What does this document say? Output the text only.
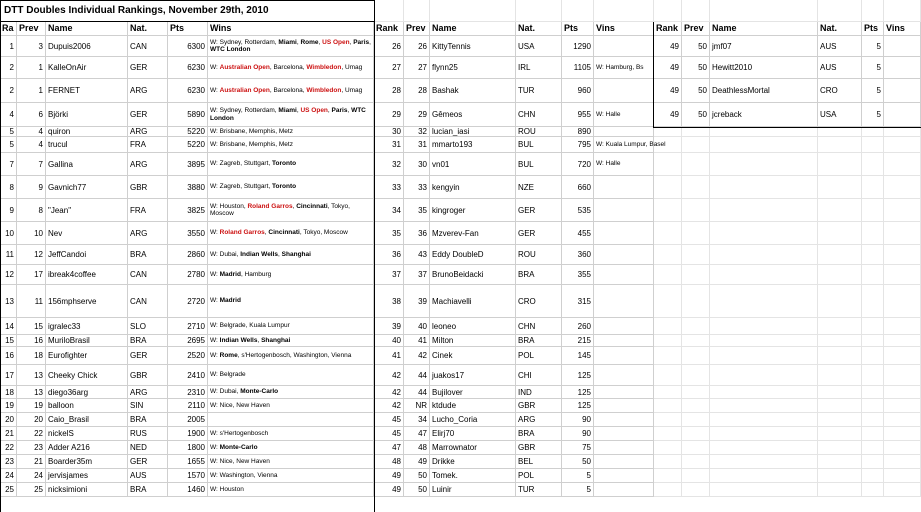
DTT Doubles Individual Rankings, November 29th, 2010
Ra Prev	Name	Nat.	Pts	Wins	Rank Prev Name	Nat.	Pts	Vins	Rank Prev Name	Nat.	Pts Vins
1	3 Dupuis2006	CAN	6300 W: Sydney, Rotterdam, Miami, Rome, US Open, Paris, WTC London
2	1 KalleOnAir	GER	6230 W: Australian Open, Barcelona, Wimbledon, Umag
2	1 FERNET	ARG	6230 W: Australian Open, Barcelona, Wimbledon, Umag
4	6 Björki	GER	5890 W: Sydney, Rotterdam, Miami, US Open, Paris, WTC London
5	4 quiron	ARG	5220 W: Brisbane, Memphis, Metz
5	4 trucul	FRA	5220 W: Brisbane, Memphis, Metz
7	7 Gallina	ARG	3895 W: Zagreb, Stuttgart, Toronto
8	9 Gavnich77	GBR	3880 W: Zagreb, Stuttgart, Toronto
9	8 "Jean"	FRA	3825 W: Houston, Roland Garros, Cincinnati, Tokyo, Moscow
10	10 Nev	ARG	3550 W: Roland Garros, Cincinnati, Tokyo, Moscow
11	12 JeffCandoi	BRA	2860 W: Dubai, Indian Wells, Shanghai
12	17 ibreak4coffee	CAN	2780 W: Madrid, Hamburg
13	11 156mphserve	CAN	2720 W: Madrid
14	15 igralec33	SLO	2710 W: Belgrade, Kuala Lumpur
15	16 MuriloBrasil	BRA	2695 W: Indian Wells, Shanghai
16	18 Eurofighter	GER	2520 W: Rome, s'Hertogenbosch, Washington, Vienna
17	13 Cheeky Chick	GBR	2410 W: Belgrade
18	13 diego36arg	ARG	2310 W: Dubai, Monte-Carlo
19	19 balloon	SIN	2110 W: Nice, New Haven
20	20 Caio_Brasil	BRA	2005
21	22 nickelS	RUS	1900 W: s'Hertogenbosch
22	23 Adder A216	NED	1800 W: Monte-Carlo
23	21 Boarder35m	GER	1655 W: Nice, New Haven
24	24 jervisjames	AUS	1570 W: Washington, Vienna
25	25 nicksimioni	BRA	1460 W: Houston
26	26 KittyTennis	USA	1290
27	27 flynn25	IRL	1105 W: Hamburg, Bs
28	28 Bashak	TUR	960
29	29 Gêmeos	CHN	955 W: Halle
30	32 lucian_iasi	ROU	890
31	31 mmarto193	BUL	795 W: Kuala Lumpur, Basel
32	30 vn01	BUL	720 W: Halle
33	33 kengyin	NZE	660
34	35 kingroger	GER	535
35	36 Mzverev-Fan	GER	455
36	43 Eddy DoubleD	ROU	360
37	37 BrunoBeidacki	BRA	355
38	39 Machiavelli	CRO	315
39	40 leoneo	CHN	260
40	41 Milton	BRA	215
41	42 Cinek	POL	145
42	44 juakos17	CHI	125
42	44 Bujilover	IND	125
42	NR ktdude	GBR	125
45	34 Lucho_Coria	ARG	90
45	47 Elirj70	BRA	90
47	48 Marrownator	GBR	75
48	49 Drikke	BEL	50
49	50 Tomek.	POL	5
49	50 Luinir	TUR	5
49	50 jmf07	AUS	5
49	50 Hewitt2010	AUS	5
49	50 DeathlessMortal	CRO	5
49	50 jcreback	USA	5
